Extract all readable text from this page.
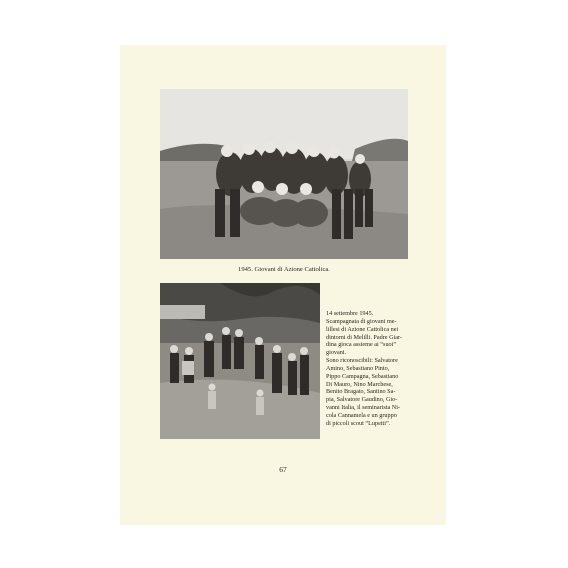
1945. Giovani di Azione Cattolica.
14 settembre 1945.
Scampagnata di giovani me-
lillesi di Azione Cattolica nei
dintorni di Melilli. Padre Giar-
dina gioca assieme ai “suoi”
giovani.
Sono riconoscibili: Salvatore
Amino, Sebastiano Pinto,
Pippo Campagna, Sebastiano
Di Mauro, Nino Marchese,
Benito Bragato, Santino Sa-
pia, Salvatore Gaudino, Gio-
vanni Italia, il seminarista Ni-
cola Cannamela e un gruppo
di piccoli scout “Lupetti”.
67
